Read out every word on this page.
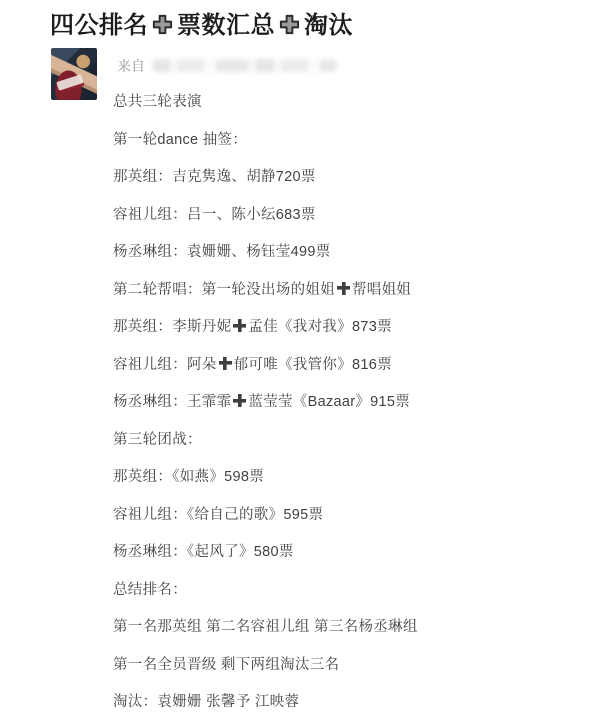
四公排名 票数汇总 淘汰
来自

总共三轮表演

第一轮dance 抽签：

那英组：吉克隽逸、胡静720票

容祖儿组：吕一、陈小纭683票

杨丞琳组：袁姗姗、杨钰莹499票

第二轮帮唱：第一轮没出场的姐姐 帮唱姐姐

那英组：李斯丹妮 孟佳《我对我》873票

容祖儿组：阿朵 郁可唯《我管你》816票

杨丞琳组：王霏霏 蓝莹莹《Bazaar》915票

第三轮团战：

那英组：《如燕》598票

容祖儿组：《给自己的歌》595票

杨丞琳组：《起风了》580票

总结排名：

第一名那英组 第二名容祖儿组 第三名杨丞琳组

第一名全员晋级 剩下两组淘汰三名

淘汰：袁姗姗 张馨予 江映蓉
